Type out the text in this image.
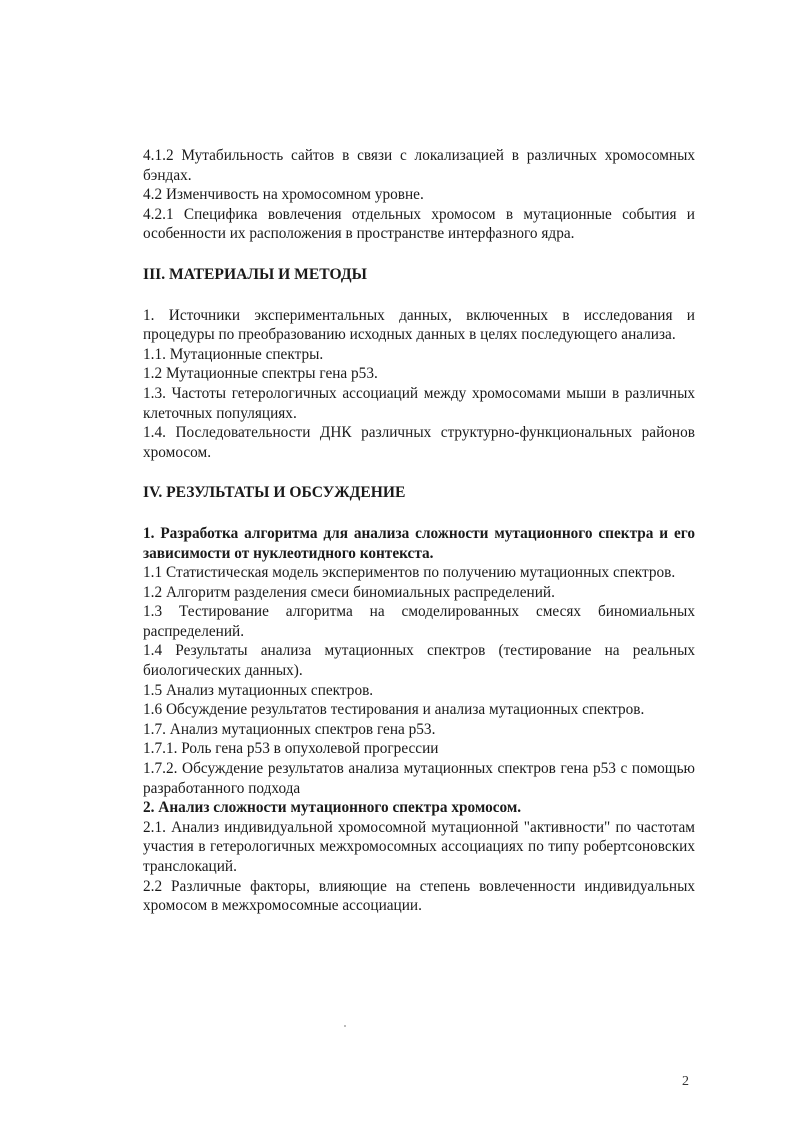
4.1.2 Мутабильность сайтов в связи с локализацией в различных хромосомных бэндах.

4.2 Изменчивость на хромосомном уровне.

4.2.1 Специфика вовлечения отдельных хромосом в мутационные события и особенности их расположения в пространстве интерфазного ядра.

III. МАТЕРИАЛЫ И МЕТОДЫ

1. Источники экспериментальных данных, включенных в исследования и процедуры по преобразованию исходных данных в целях последующего анализа.

1.1. Мутационные спектры.

1.2 Мутационные спектры гена р53.

1.3. Частоты гетерологичных ассоциаций между хромосомами мыши в различных клеточных популяциях.

1.4. Последовательности ДНК различных структурно-функциональных районов хромосом.

IV. РЕЗУЛЬТАТЫ И ОБСУЖДЕНИЕ

1. Разработка алгоритма для анализа сложности мутационного спектра и его зависимости от нуклеотидного контекста.

1.1 Статистическая модель экспериментов по получению мутационных спектров.

1.2 Алгоритм разделения смеси биномиальных распределений.

1.3 Тестирование алгоритма на смоделированных смесях биномиальных распределений.

1.4 Результаты анализа мутационных спектров (тестирование на реальных биологических данных).

1.5 Анализ мутационных спектров.

1.6 Обсуждение результатов тестирования и анализа мутационных спектров.

1.7. Анализ мутационных спектров гена р53.

1.7.1. Роль гена р53 в опухолевой прогрессии

1.7.2. Обсуждение результатов анализа мутационных спектров гена р53 с помощью разработанного подхода

2. Анализ сложности мутационного спектра хромосом.

2.1. Анализ индивидуальной хромосомной мутационной "активности" по частотам участия в гетерологичных межхромосомных ассоциациях по типу робертсоновских транслокаций.

2.2 Различные факторы, влияющие на степень вовлеченности индивидуальных хромосом в межхромосомные ассоциации.

2
